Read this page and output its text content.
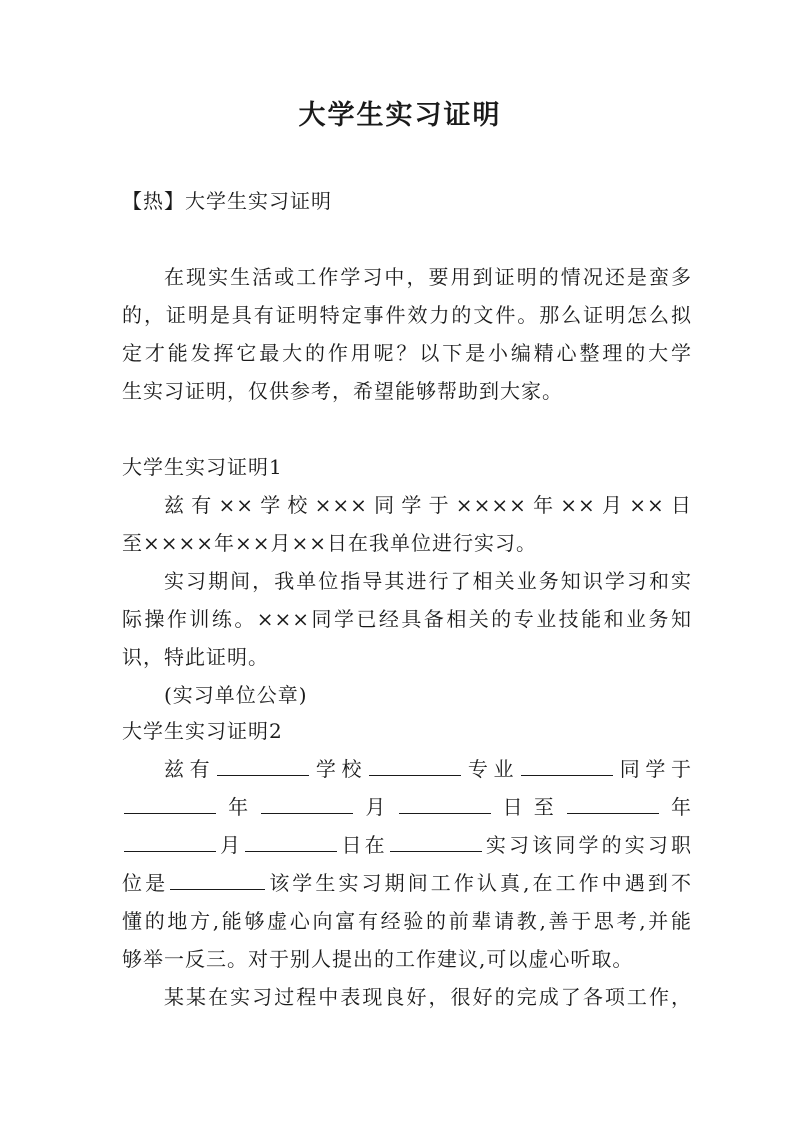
大学生实习证明
【热】大学生实习证明
在现实生活或工作学习中，要用到证明的情况还是蛮多
的，证明是具有证明特定事件效力的文件。那么证明怎么拟
定才能发挥它最大的作用呢？以下是小编精心整理的大学
生实习证明，仅供参考，希望能够帮助到大家。
大学生实习证明1
兹有××学校×××同学于××××年××月××日
至××××年××月××日在我单位进行实习。
实习期间，我单位指导其进行了相关业务知识学习和实
际操作训练。×××同学已经具备相关的专业技能和业务知
识，特此证明。
(实习单位公章)
大学生实习证明2
兹有	学校	专业	同学于
年	月	日至	年
月	日在	实习该同学的实习职
位是	该学生实习期间工作认真,在工作中遇到不
懂的地方,能够虚心向富有经验的前辈请教,善于思考,并能
够举一反三。对于别人提出的工作建议,可以虚心听取。
某某在实习过程中表现良好，很好的完成了各项工作，
